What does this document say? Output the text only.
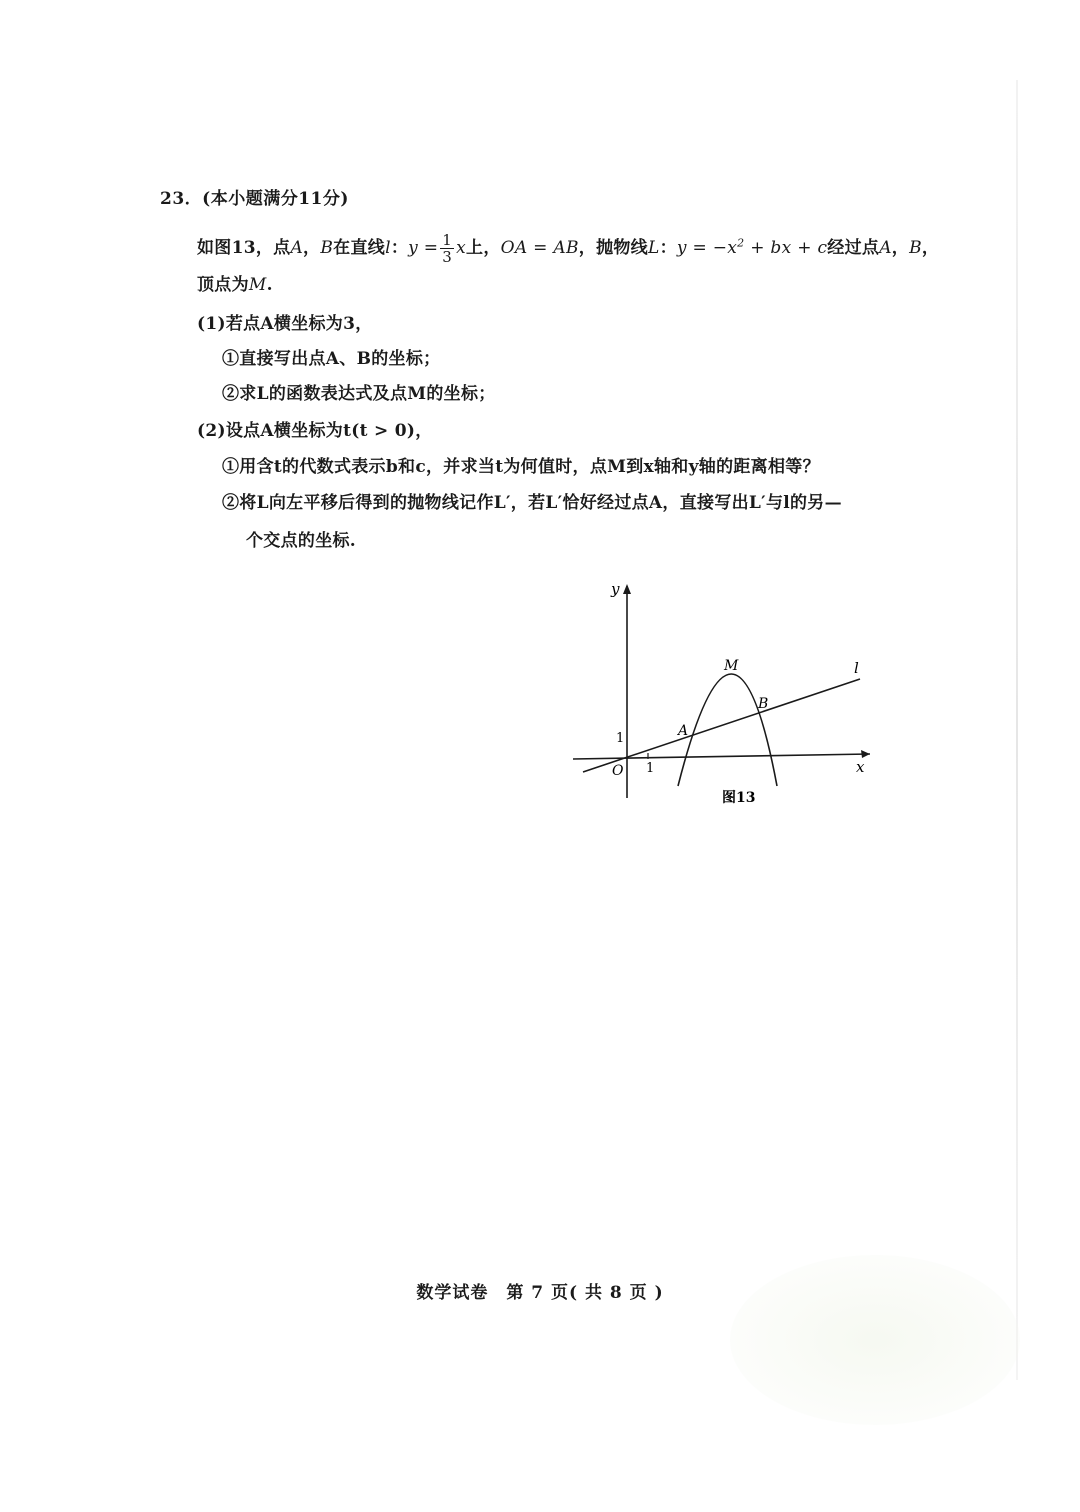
23．(本小题满分11分)
如图13，点A，B在直线l：$y = \frac{1}{3}$ x上，OA = AB，抛物线L：$y = -x^2$ + bx + c经过点A，B，
顶点为M.
(1)若点A横坐标为3，
①直接写出点A、B的坐标；
②求L的函数表达式及点M的坐标；
(2)设点A横坐标为t(t > 0)，
①用含t的代数式表示b和c，并求当t为何值时，点M到x轴和y轴的距离相等？
②将L向左平移后得到的抛物线记作L′，若L′恰好经过点A，直接写出L′与l的另—
个交点的坐标.
y
x
O 1
1	A
B
M	l
图13
数学试卷　第 7 页( 共 8 页 )
